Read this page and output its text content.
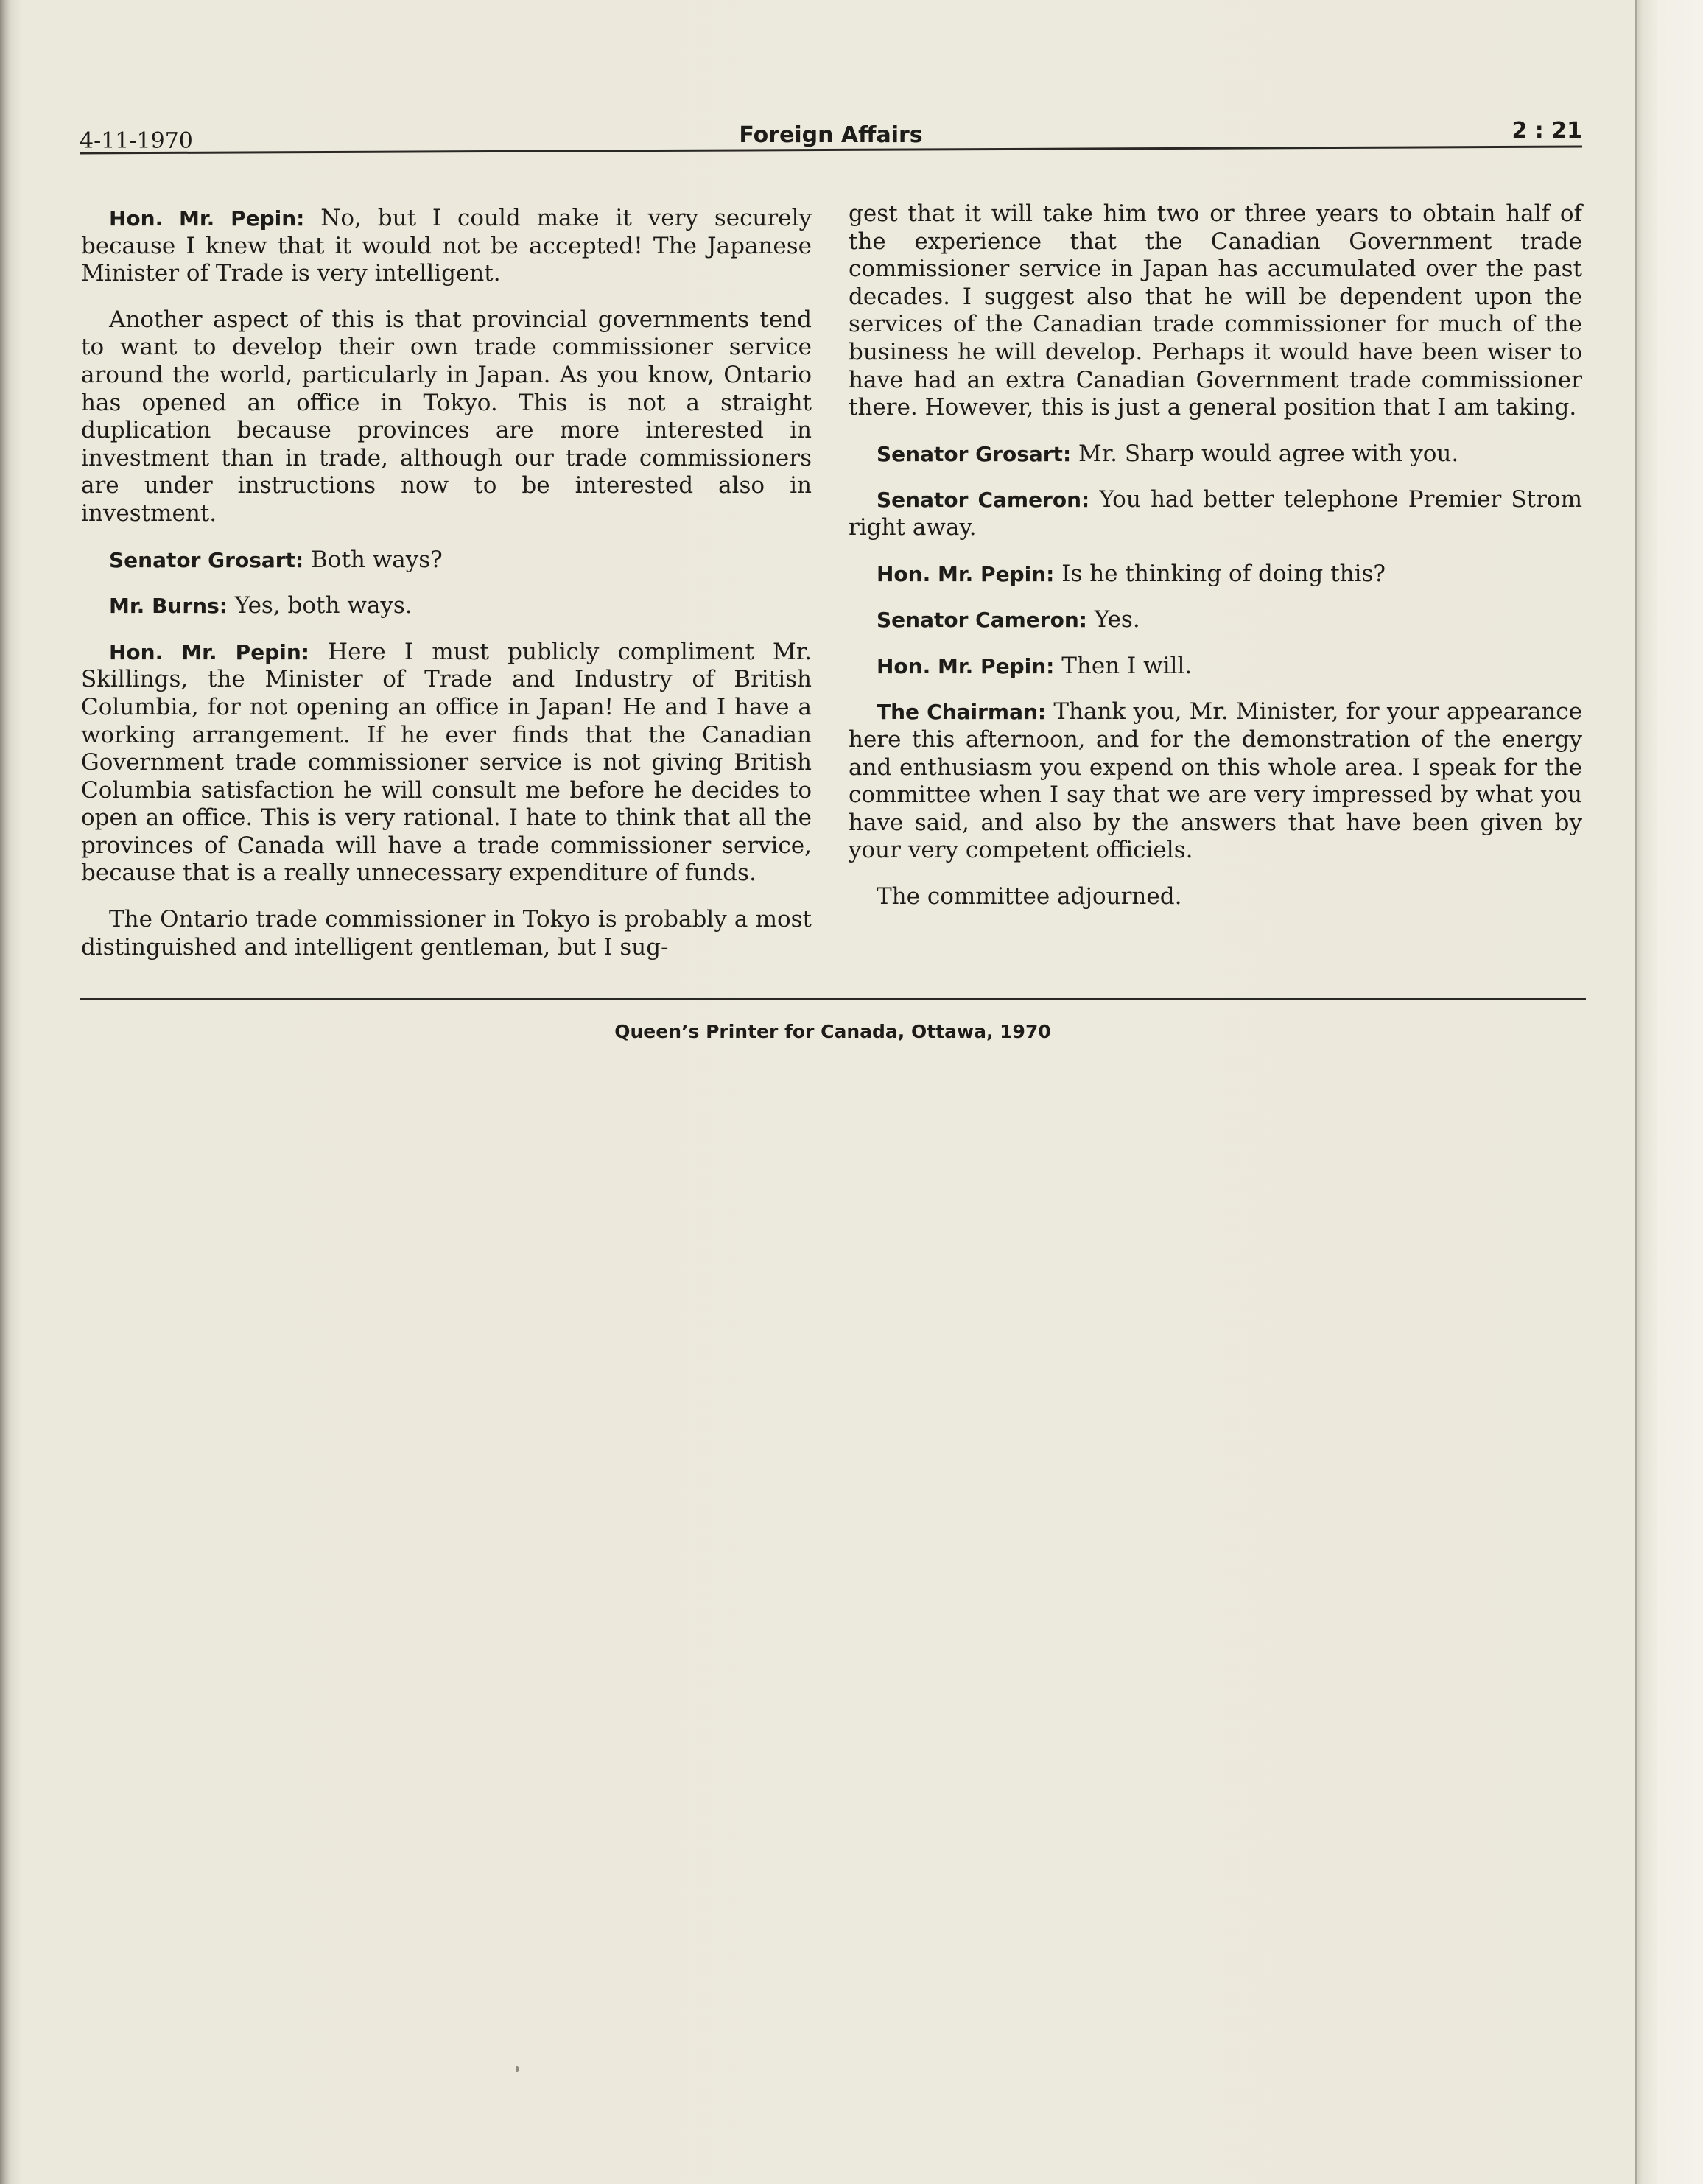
4-11-1970	Foreign Affairs	2 : 21

Hon. Mr. Pepin: No, but I could make it very securely because I knew that it would not be accepted! The Japanese Minister of Trade is very intelligent.

Another aspect of this is that provincial governments tend to want to develop their own trade commissioner service around the world, particularly in Japan. As you know, Ontario has opened an office in Tokyo. This is not a straight duplication because provinces are more interested in investment than in trade, although our trade commissioners are under instructions now to be interested also in investment.

Senator Grosart: Both ways?

Mr. Burns: Yes, both ways.

Hon. Mr. Pepin: Here I must publicly compliment Mr. Skillings, the Minister of Trade and Industry of British Columbia, for not opening an office in Japan! He and I have a working arrangement. If he ever finds that the Canadian Government trade commissioner service is not giving British Columbia satisfaction he will consult me before he decides to open an office. This is very rational. I hate to think that all the provinces of Canada will have a trade commissioner service, because that is a really unnecessary expenditure of funds.

The Ontario trade commissioner in Tokyo is probably a most distinguished and intelligent gentleman, but I sug-

gest that it will take him two or three years to obtain half of the experience that the Canadian Government trade commissioner service in Japan has accumulated over the past decades. I suggest also that he will be dependent upon the services of the Canadian trade commissioner for much of the business he will develop. Perhaps it would have been wiser to have had an extra Canadian Government trade commissioner there. However, this is just a general position that I am taking.

Senator Grosart: Mr. Sharp would agree with you.

Senator Cameron: You had better telephone Premier Strom right away.

Hon. Mr. Pepin: Is he thinking of doing this?

Senator Cameron: Yes.

Hon. Mr. Pepin: Then I will.

The Chairman: Thank you, Mr. Minister, for your appearance here this afternoon, and for the demonstration of the energy and enthusiasm you expend on this whole area. I speak for the committee when I say that we are very impressed by what you have said, and also by the answers that have been given by your very competent officiels.

The committee adjourned.

Queen’s Printer for Canada, Ottawa, 1970
